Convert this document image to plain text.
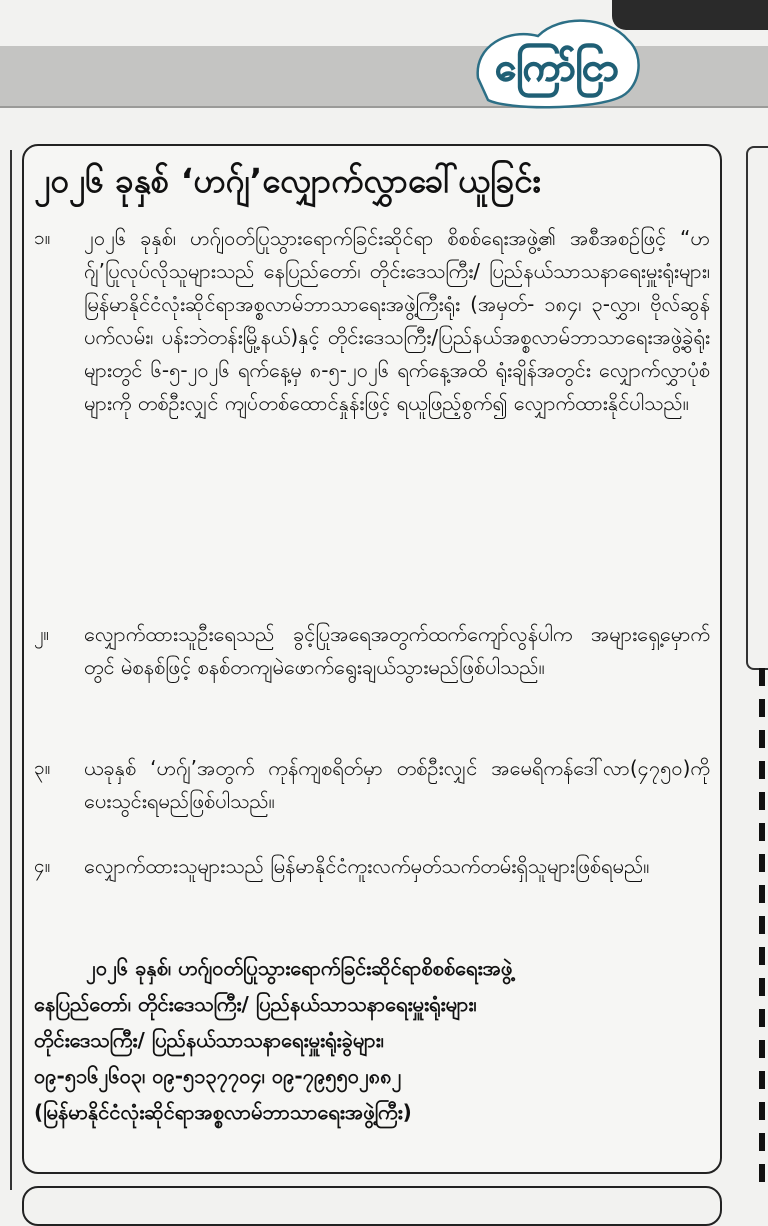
ကြော်ငြာ
၂၀၂၆ ခုနှစ် ‘ဟဂ်ျ’လျှောက်လွှာခေါ်ယူခြင်း
၁။	၂၀၂၆ ခုနှစ်၊ ဟဂ်ျဝတ်ပြုသွားရောက်ခြင်းဆိုင်ရာ စိစစ်ရေးအဖွဲ့၏ အစီအစဉ်ဖြင့် “ဟဂ်ျ’ပြုလုပ်လိုသူများသည် နေပြည်တော်၊ တိုင်းဒေသကြီး/ ပြည်နယ်သာသနာရေးမှူးရုံးများ၊ မြန်မာနိုင်ငံလုံးဆိုင်ရာအစ္စလာမ်ဘာသာရေးအဖွဲ့ကြီးရုံး (အမှတ်- ၁၈၄၊ ၃-လွှာ၊ ဗိုလ်ဆွန်ပက်လမ်း၊ ပန်းဘဲတန်းမြို့နယ်)နှင့် တိုင်းဒေသကြီး/ပြည်နယ်အစ္စလာမ်ဘာသာရေးအဖွဲ့ခွဲရုံးများတွင် ၆-၅-၂၀၂၆ ရက်နေ့မှ ၈-၅-၂၀၂၆ ရက်နေ့အထိ ရုံးချိန်အတွင်း လျှောက်လွှာပုံစံများကို တစ်ဦးလျှင် ကျပ်တစ်ထောင်နှုန်းဖြင့် ရယူဖြည့်စွက်၍ လျှောက်ထားနိုင်ပါသည်။
၂။	လျှောက်ထားသူဦးရေသည် ခွင့်ပြုအရေအတွက်ထက်ကျော်လွန်ပါက အများရှေ့မှောက်တွင် မဲစနစ်ဖြင့် စနစ်တကျမဲဖောက်ရွေးချယ်သွားမည်ဖြစ်ပါသည်။
၃။	ယခုနှစ် ‘ဟဂ်ျ’အတွက် ကုန်ကျစရိတ်မှာ တစ်ဦးလျှင် အမေရိကန်ဒေါ်လာ(၄၇၅၀)ကို ပေးသွင်းရမည်ဖြစ်ပါသည်။
၄။	လျှောက်ထားသူများသည် မြန်မာနိုင်ငံကူးလက်မှတ်သက်တမ်းရှိသူများဖြစ်ရမည်။
၂၀၂၆ ခုနှစ်၊ ဟဂ်ျဝတ်ပြုသွားရောက်ခြင်းဆိုင်ရာစိစစ်ရေးအဖွဲ့
နေပြည်တော်၊ တိုင်းဒေသကြီး/ ပြည်နယ်သာသနာရေးမှူးရုံးများ၊
တိုင်းဒေသကြီး/ ပြည်နယ်သာသနာရေးမှူးရုံးခွဲများ၊
၀၉-၅၁၆၂၆၀၃၊ ၀၉-၅၁၃၇၇၀၄၊ ၀၉-၇၉၅၅၀၂၈၈၂
(မြန်မာနိုင်ငံလုံးဆိုင်ရာအစ္စလာမ်ဘာသာရေးအဖွဲ့ကြီး)
